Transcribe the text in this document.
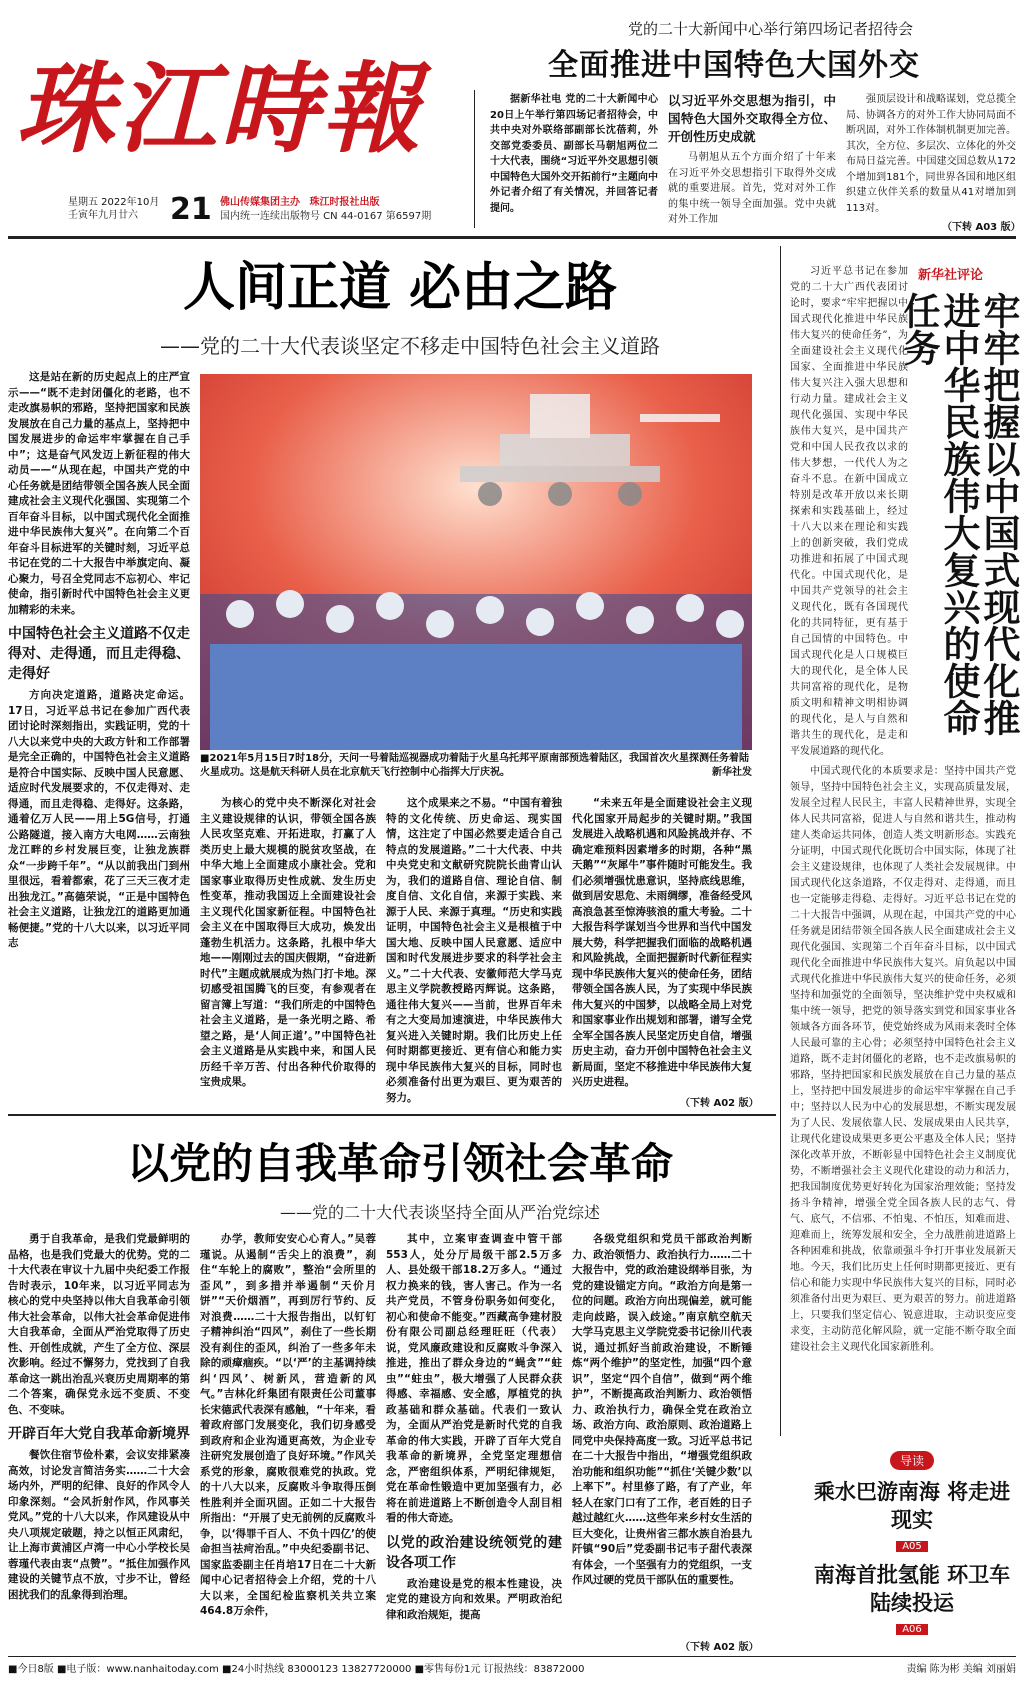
珠江時報
星期五 2022年10月
壬寅年九月廿六	21 佛山传媒集团主办 珠江时报社出版
国内统一连续出版物号 CN 44-0167 第6597期
党的二十大新闻中心举行第四场记者招待会
全面推进中国特色大国外交

据新华社电 党的二十大新闻中心20日上午举行第四场记者招待会，中共中央对外联络部副部长沈蓓莉，外交部党委委员、副部长马朝旭两位二十大代表，围绕“习近平外交思想引领中国特色大国外交开拓前行”主题向中外记者介绍了有关情况，并回答记者提问。

以习近平外交思想为指引，中国特色大国外交取得全方位、开创性历史成就

马朝旭从五个方面介绍了十年来在习近平外交思想指引下取得外交成就的重要进展。首先，党对对外工作的集中统一领导全面加强。党中央就对外工作加

强顶层设计和战略谋划，党总揽全局、协调各方的对外工作大协同局面不断巩固，对外工作体制机制更加完善。其次，全方位、多层次、立体化的外交布局日益完善。中国建交国总数从172个增加到181个，同世界各国和地区组织建立伙伴关系的数量从41对增加到113对。

（下转 A03 版）
人间正道 必由之路
——党的二十大代表谈坚定不移走中国特色社会主义道路

这是站在新的历史起点上的庄严宣示——“既不走封闭僵化的老路，也不走改旗易帜的邪路，坚持把国家和民族发展放在自己力量的基点上，坚持把中国发展进步的命运牢牢掌握在自己手中”；这是奋气风发迈上新征程的伟大动员——“从现在起，中国共产党的中心任务就是团结带领全国各族人民全面建成社会主义现代化强国、实现第二个百年奋斗目标，以中国式现代化全面推进中华民族伟大复兴”。在向第二个百年奋斗目标进军的关键时刻，习近平总书记在党的二十大报告中举旗定向、凝心聚力，号召全党同志不忘初心、牢记使命，指引新时代中国特色社会主义更加精彩的未来。

中国特色社会主义道路不仅走得对、走得通，而且走得稳、走得好

方向决定道路，道路决定命运。17日，习近平总书记在参加广西代表团讨论时深刻指出，实践证明，党的十八大以来党中央的大政方针和工作部署是完全正确的，中国特色社会主义道路是符合中国实际、反映中国人民意愿、适应时代发展要求的，不仅走得对、走得通，而且走得稳、走得好。这条路，通着亿万人民——用上5G信号，打通公路隧道，接入南方大电网……云南独龙江畔的乡村发展巨变，让独龙族群众“一步跨千年”。“从以前我出门到州里很远，看着都索，花了三天三夜才走出独龙江。”高德荣说，“正是中国特色社会主义道路，让独龙江的道路更加通畅便捷。”党的十八大以来，以习近平同志

■2021年5月15日7时18分，天问一号着陆巡视器成功着陆于火星乌托邦平原南部预选着陆区，我国首次火星探测任务着陆火星成功。这是航天科研人员在北京航天飞行控制中心指挥大厅庆祝。	新华社发

为核心的党中央不断深化对社会主义建设规律的认识，带领全国各族人民攻坚克难、开拓进取，打赢了人类历史上最大规模的脱贫攻坚战，在中华大地上全面建成小康社会。党和国家事业取得历史性成就、发生历史性变革，推动我国迈上全面建设社会主义现代化国家新征程。中国特色社会主义在中国取得巨大成功，焕发出蓬勃生机活力。这条路，扎根中华大地——刚刚过去的国庆假期，“奋进新时代”主题成就展成为热门打卡地。深切感受祖国腾飞的巨变，有参观者在留言簿上写道：“我们所走的中国特色社会主义道路，是一条光明之路、希望之路，是‘人间正道’。”中国特色社会主义道路是从实践中来，和国人民历经千辛万苦、付出各种代价取得的宝贵成果。

这个成果来之不易。“中国有着独特的文化传统、历史命运、现实国情，这注定了中国必然要走适合自己特点的发展道路。”二十大代表、中共中央党史和文献研究院院长曲青山认为，我们的道路自信、理论自信、制度自信、文化自信，来源于实践、来源于人民、来源于真理。“历史和实践证明，中国特色社会主义是根植于中国大地、反映中国人民意愿、适应中国和时代发展进步要求的科学社会主义。”二十大代表、安徽师范大学马克思主义学院教授路丙辉说。这条路，通往伟大复兴——当前，世界百年未有之大变局加速演进，中华民族伟大复兴进入关键时期。我们比历史上任何时期都更接近、更有信心和能力实现中华民族伟大复兴的目标，同时也必须准备付出更为艰巨、更为艰苦的努力。

“未来五年是全面建设社会主义现代化国家开局起步的关键时期。”我国发展进入战略机遇和风险挑战并存、不确定难预料因素增多的时期，各种“黑天鹅”“灰犀牛”事件随时可能发生。我们必须增强忧患意识，坚持底线思维，做到居安思危、未雨绸缪，准备经受风高浪急甚至惊涛骇浪的重大考验。二十大报告科学谋划当今世界和当代中国发展大势，科学把握我们面临的战略机遇和风险挑战，全面把握新时代新征程实现中华民族伟大复兴的使命任务，团结带领全国各族人民，为了实现中华民族伟大复兴的中国梦，以战略全局上对党和国家事业作出规划和部署，谱写全党全军全国各族人民坚定历史自信，增强历史主动，奋力开创中国特色社会主义新局面，坚定不移推进中华民族伟大复兴历史进程。

（下转 A02 版）
以党的自我革命引领社会革命
——党的二十大代表谈坚持全面从严治党综述

勇于自我革命，是我们党最鲜明的品格，也是我们党最大的优势。党的二十大代表在审议十九届中央纪委工作报告时表示，10年来，以习近平同志为核心的党中央坚持以伟大自我革命引领伟大社会革命，以伟大社会革命促进伟大自我革命，全面从严治党取得了历史性、开创性成就，产生了全方位、深层次影响。经过不懈努力，党找到了自我革命这一跳出治乱兴衰历史周期率的第二个答案，确保党永远不变质、不变色、不变味。

开辟百年大党自我革命新境界

餐饮住宿节俭朴素，会议安排紧凑高效，讨论发言简洁务实……二十大会场内外，严明的纪律、良好的作风令人印象深刻。“会风折射作风，作风事关党风。”党的十八大以来，作风建设从中央八项规定破题，持之以恒正风肃纪，让上海市黄浦区卢湾一中心小学校长吴蓉瑾代表由衷“点赞”。“抵住加强作风建设的关键节点不放，寸步不让，曾经困扰我们的乱象得到治理。

办学，教师安安心心育人。”吴蓉瑾说。从遏制“舌尖上的浪费”，刹住“车轮上的腐败”，整治“会所里的歪风”，到多措并举遏制“天价月饼”“天价烟酒”，再到厉行节约、反对浪费……二十大报告指出，以钉钉子精神纠治“四风”，刹住了一些长期没有刹住的歪风，纠治了一些多年未除的顽瘴痼疾。“以‘严’的主基调持续纠‘四风’、树新风，营造新的风气。”吉林化纤集团有限责任公司董事长宋德武代表深有感触，“十年来，看着政府部门发展变化，我们切身感受到政府和企业沟通更高效，为企业专注研究发展创造了良好环境。”作风关系党的形象，腐败很难党的执政。党的十八大以来，反腐败斗争取得压倒性胜利并全面巩固。正如二十大报告所指出：“开展了史无前例的反腐败斗争，以‘得罪千百人、不负十四亿’的使命担当祛疴治乱。”中央纪委副书记、国家监委副主任肖培17日在二十大新闻中心记者招待会上介绍，党的十八大以来，全国纪检监察机关共立案464.8万余件，

其中，立案审查调查中管干部553人，处分厅局级干部2.5万多人、县处级干部18.2万多人。“通过权力换来的钱，害人害己。作为一名共产党员，不管身份职务如何变化，初心和使命不能变。”西藏高争建材股份有限公司副总经理旺旺（代表）说，党风廉政建设和反腐败斗争深入推进，推出了群众身边的“蝇贪”“蛀虫”“蛀虫”，极大增强了人民群众获得感、幸福感、安全感，厚植党的执政基础和群众基础。代表们一致认为，全面从严治党是新时代党的自我革命的伟大实践，开辟了百年大党自我革命的新境界，全党坚定理想信念，严密组织体系，严明纪律规矩，党在革命性锻造中更加坚强有力，必将在前进道路上不断创造令人刮目相看的伟大奇迹。

以党的政治建设统领党的建设各项工作

政治建设是党的根本性建设，决定党的建设方向和效果。严明政治纪律和政治规矩，提高

各级党组织和党员干部政治判断力、政治领悟力、政治执行力……二十大报告中，党的政治建设纲举目张，为党的建设锚定方向。“政治方向是第一位的问题。政治方向出现偏差，就可能走向歧路，误入歧途。”南京航空航天大学马克思主义学院党委书记徐川代表说，通过抓好当前政治建设，不断锤炼“两个维护”的坚定性，加强“四个意识”，坚定“四个自信”，做到“两个维护”，不断提高政治判断力、政治领悟力、政治执行力，确保全党在政治立场、政治方向、政治原则、政治道路上同党中央保持高度一致。习近平总书记在二十大报告中指出，“增强党组织政治功能和组织功能”“抓住‘关键少数’以上率下”。村里修了路，有了产业，年轻人在家门口有了工作，老百姓的日子越过越红火……这些年来乡村女生活的巨大变化，让贵州省三都水族自治县九阡镇“90后”党委副书记韦子甜代表深有体会，一个坚强有力的党组织，一支作风过硬的党员干部队伍的重要性。

（下转 A02 版）
新华社评论
牢牢把握以中国式现代化推进中华民族伟大复兴的使命任务

习近平总书记在参加党的二十大广西代表团讨论时，要求“牢牢把握以中国式现代化推进中华民族伟大复兴的使命任务”，为全面建设社会主义现代化国家、全面推进中华民族伟大复兴注入强大思想和行动力量。建成社会主义现代化强国、实现中华民族伟大复兴，是中国共产党和中国人民孜孜以求的伟大梦想，一代代人为之奋斗不息。在新中国成立特别是改革开放以来长期探索和实践基础上，经过十八大以来在理论和实践上的创新突破，我们党成功推进和拓展了中国式现代化。中国式现代化，是中国共产党领导的社会主义现代化，既有各国现代化的共同特征，更有基于自己国情的中国特色。中国式现代化是人口规模巨大的现代化，是全体人民共同富裕的现代化，是物质文明和精神文明相协调的现代化，是人与自然和谐共生的现代化，是走和平发展道路的现代化。

中国式现代化的本质要求是：坚持中国共产党领导，坚持中国特色社会主义，实现高质量发展，发展全过程人民民主，丰富人民精神世界，实现全体人民共同富裕，促进人与自然和谐共生，推动构建人类命运共同体，创造人类文明新形态。实践充分证明，中国式现代化既切合中国实际，体现了社会主义建设规律，也体现了人类社会发展规律。中国式现代化这条道路，不仅走得对、走得通，而且也一定能够走得稳、走得好。习近平总书记在党的二十大报告中强调，从现在起，中国共产党的中心任务就是团结带领全国各族人民全面建成社会主义现代化强国、实现第二个百年奋斗目标，以中国式现代化全面推进中华民族伟大复兴。肩负起以中国式现代化推进中华民族伟大复兴的使命任务，必须坚持和加强党的全面领导，坚决维护党中央权威和集中统一领导，把党的领导落实到党和国家事业各领域各方面各环节，使党始终成为风雨来袭时全体人民最可靠的主心骨；必须坚持中国特色社会主义道路，既不走封闭僵化的老路，也不走改旗易帜的邪路，坚持把国家和民族发展放在自己力量的基点上，坚持把中国发展进步的命运牢牢掌握在自己手中；坚持以人民为中心的发展思想，不断实现发展为了人民、发展依靠人民、发展成果由人民共享，让现代化建设成果更多更公平惠及全体人民；坚持深化改革开放，不断彰显中国特色社会主义制度优势，不断增强社会主义现代化建设的动力和活力，把我国制度优势更好转化为国家治理效能；坚持发扬斗争精神，增强全党全国各族人民的志气、骨气、底气，不信邪、不怕鬼、不怕压，知难而进、迎难而上，统筹发展和安全，全力战胜前进道路上各种困难和挑战，依靠顽强斗争打开事业发展新天地。今天，我们比历史上任何时期都更接近、更有信心和能力实现中华民族伟大复兴的目标，同时必须准备付出更为艰巨、更为艰苦的努力。前进道路上，只要我们坚定信心、锐意进取，主动识变应变求变，主动防范化解风险，就一定能不断夺取全面建设社会主义现代化国家新胜利。

导读
乘水巴游南海 将走进现实
A05
南海首批氢能 环卫车陆续投运
A06
■今日8版 ■电子版：www.nanhaitoday.com ■24小时热线 83000123 13827720000 ■零售每份1元 订报热线：83872000	责编 陈为彬 美编 刘丽娟
